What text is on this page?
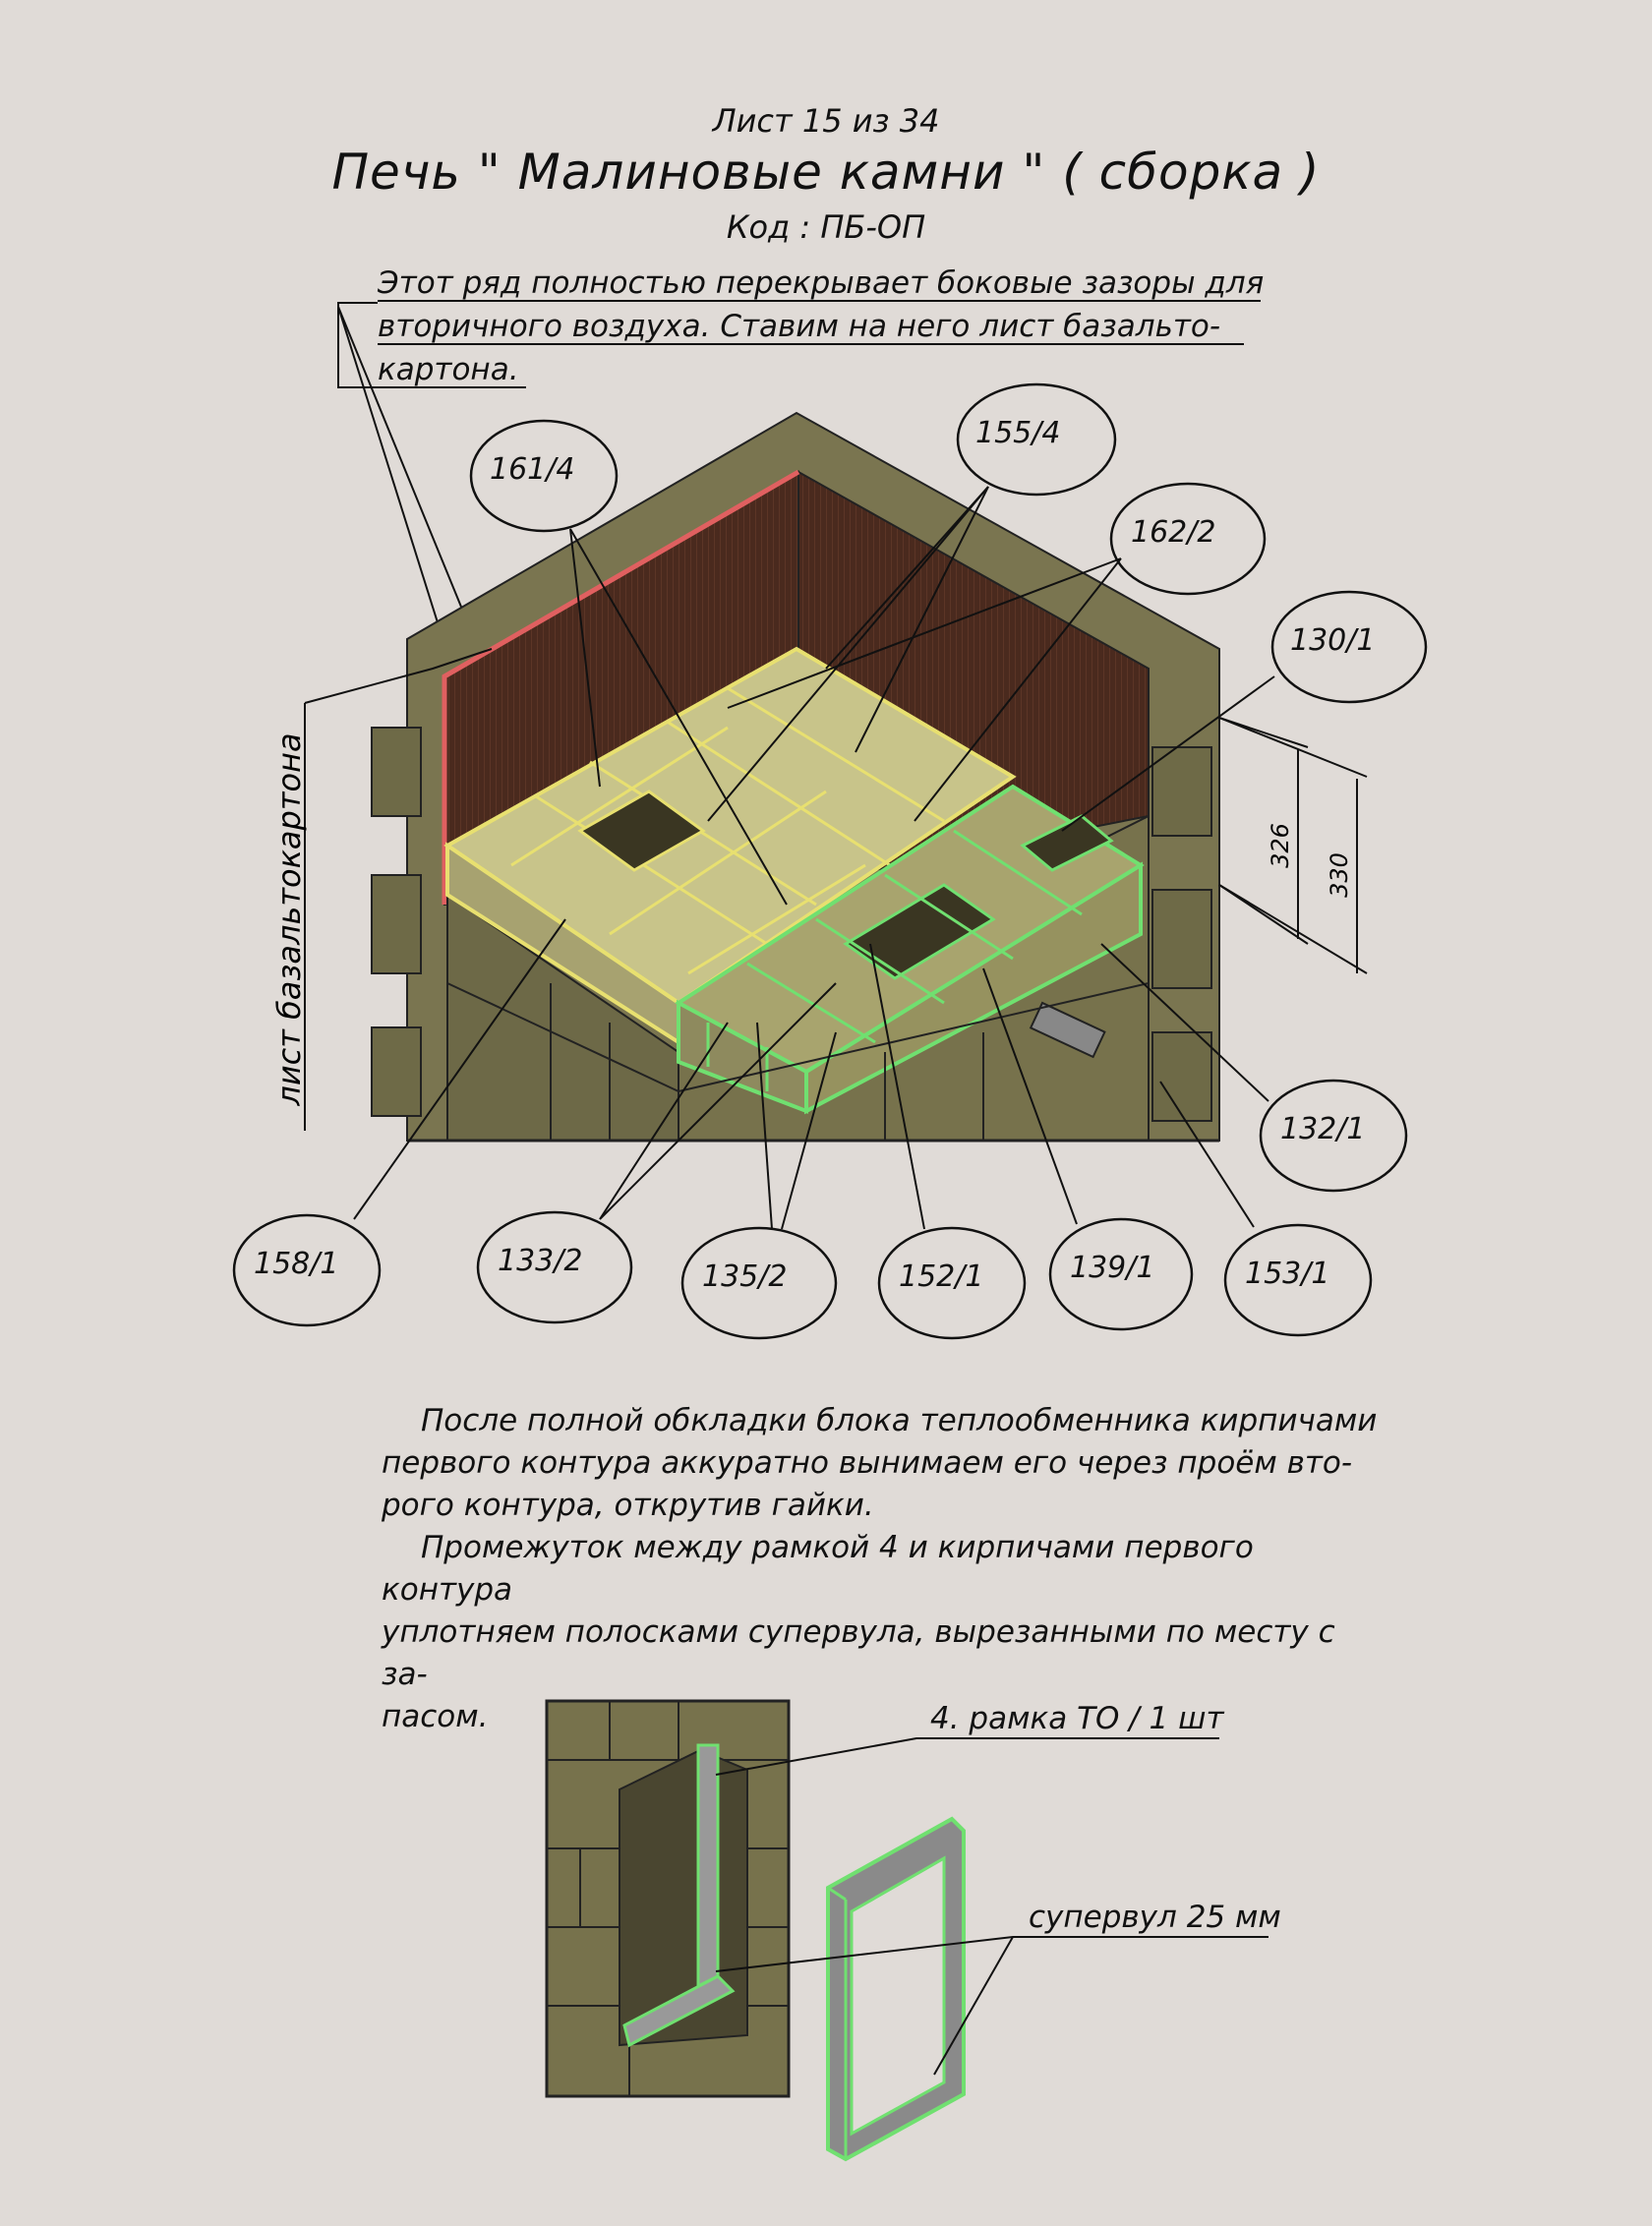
Лист 15 из 34
Печь " Малиновые камни " ( сборка )
Код : ПБ-ОП
Этот ряд полностью перекрывает боковые зазоры для
вторичного воздуха. Ставим на него лист базальто-
картона.
326
330
лист базальтокартона
161/4
155/4
162/2
130/1
132/1
158/1	133/2	135/2	152/1	139/1	153/1

После полной обкладки блока теплообменника кирпичами

первого контура аккуратно вынимаем его через проём вто-

рого контура, открутив гайки.

Промежуток между рамкой 4 и кирпичами первого контура

уплотняем полосками супервула, вырезанными по месту с за-

пасом.	4. рамка ТО / 1 шт
супервул 25 мм
